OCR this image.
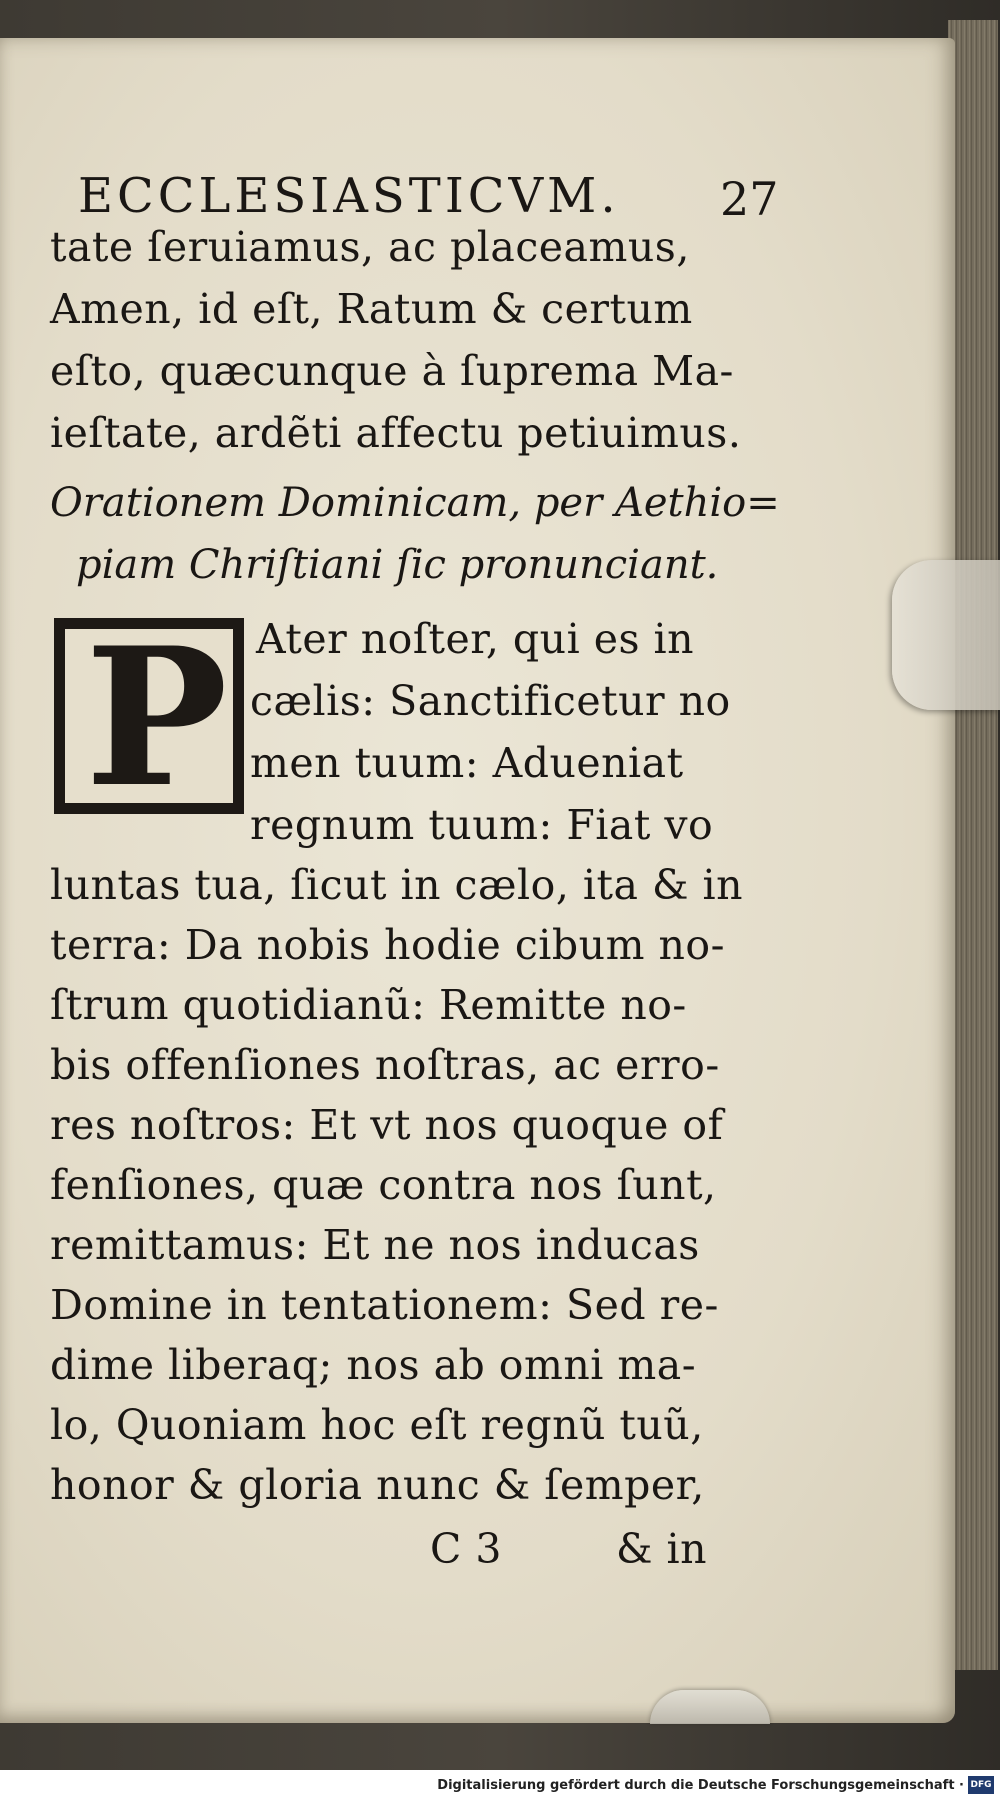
ECCLESIASTICVM. 27
tate ſeruiamus, ac placeamus,
Amen, id eſt, Ratum & certum
eſto, quæcunque à ſuprema Ma-
ieſtate, ardẽti affectu petiuimus.
Orationem Dominicam, per Aethio=
piam Chriſtiani ſic pronunciant.
P Ater noſter, qui es in
cælis: Sanctificetur no
men tuum: Adueniat
regnum tuum: Fiat vo
luntas tua, ſicut in cælo, ita & in
terra: Da nobis hodie cibum no-
ſtrum quotidianũ: Remitte no-
bis offenſiones noſtras, ac erro-
res noſtros: Et vt nos quoque of
fenſiones, quæ contra nos ſunt,
remittamus: Et ne nos inducas
Domine in tentationem: Sed re-
dime liberaq; nos ab omni ma-
lo, Quoniam hoc eſt regnũ tuũ,
honor & gloria nunc & ſemper,
C 3	& in
Digitalisierung gefördert durch die Deutsche Forschungsgemeinschaft · DFG
